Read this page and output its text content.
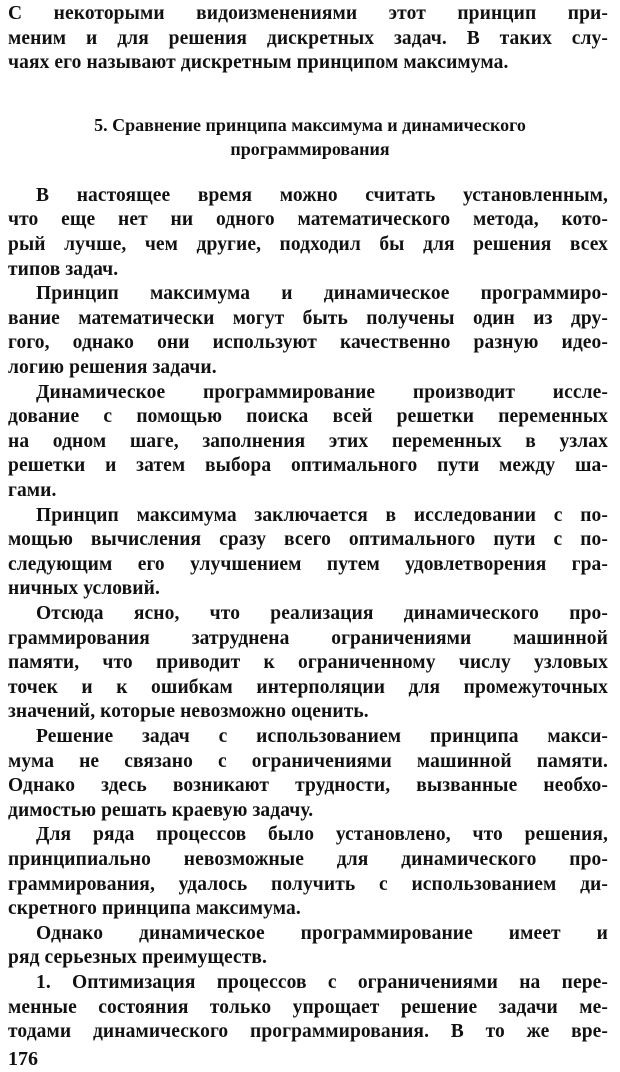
С некоторыми видоизменениями этот принцип при-
меним и для решения дискретных задач. В таких слу-
чаях его называют дискретным принципом максимума.
5. Сравнение принципа максимума и динамического
программирования
В настоящее время можно считать установленным,
что еще нет ни одного математического метода, кото-
рый лучше, чем другие, подходил бы для решения всех
типов задач.
Принцип максимума и динамическое программиро-
вание математически могут быть получены один из дру-
гого, однако они используют качественно разную идео-
логию решения задачи.
Динамическое программирование производит иссле-
дование с помощью поиска всей решетки переменных
на одном шаге, заполнения этих переменных в узлах
решетки и затем выбора оптимального пути между ша-
гами.
Принцип максимума заключается в исследовании с по-
мощью вычисления сразу всего оптимального пути с по-
следующим его улучшением путем удовлетворения гра-
ничных условий.
Отсюда ясно, что реализация динамического про-
граммирования затруднена ограничениями машинной
памяти, что приводит к ограниченному числу узловых
точек и к ошибкам интерполяции для промежуточных
значений, которые невозможно оценить.
Решение задач с использованием принципа макси-
мума не связано с ограничениями машинной памяти.
Однако здесь возникают трудности, вызванные необхо-
димостью решать краевую задачу.
Для ряда процессов было установлено, что решения,
принципиально невозможные для динамического про-
граммирования, удалось получить с использованием ди-
скретного принципа максимума.
Однако динамическое программирование имеет и
ряд серьезных преимуществ.
1. Оптимизация процессов с ограничениями на пере-
менные состояния только упрощает решение задачи ме-
тодами динамического программирования. В то же вре-
176
